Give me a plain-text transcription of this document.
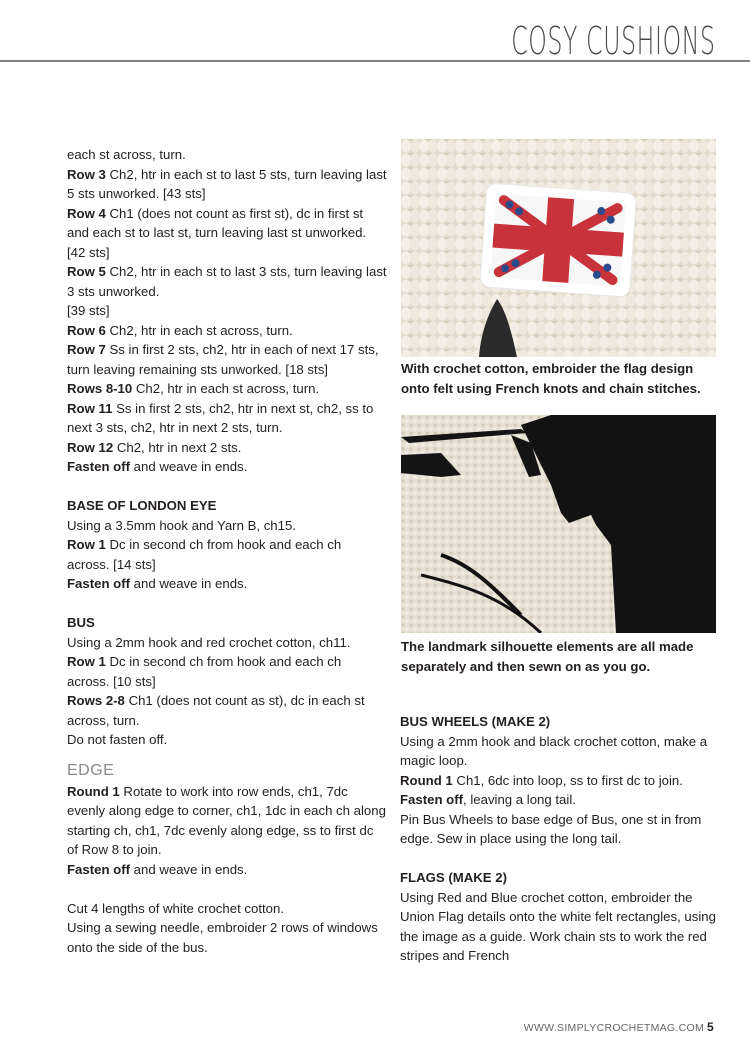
COSY CUSHIONS

each st across, turn.

Row 3 Ch2, htr in each st to last 5 sts, turn leaving last 5 sts unworked. [43 sts]

Row 4 Ch1 (does not count as first st), dc in first st and each st to last st, turn leaving last st unworked. [42 sts]

Row 5 Ch2, htr in each st to last 3 sts, turn leaving last 3 sts unworked.

[39 sts]

Row 6 Ch2, htr in each st across, turn.

Row 7 Ss in first 2 sts, ch2, htr in each of next 17 sts, turn leaving remaining sts unworked. [18 sts]

Rows 8-10 Ch2, htr in each st across, turn.

Row 11 Ss in first 2 sts, ch2, htr in next st, ch2, ss to next 3 sts, ch2, htr in next 2 sts, turn.

Row 12 Ch2, htr in next 2 sts.

Fasten off and weave in ends.

BASE OF LONDON EYE

Using a 3.5mm hook and Yarn B, ch15.

Row 1 Dc in second ch from hook and each ch across. [14 sts]

Fasten off and weave in ends.

BUS

Using a 2mm hook and red crochet cotton, ch11.

Row 1 Dc in second ch from hook and each ch across. [10 sts]

Rows 2-8 Ch1 (does not count as st), dc in each st across, turn.

Do not fasten off.

EDGE

Round 1 Rotate to work into row ends, ch1, 7dc evenly along edge to corner, ch1, 1dc in each ch along starting ch, ch1, 7dc evenly along edge, ss to first dc of Row 8 to join.

Fasten off and weave in ends.

Cut 4 lengths of white crochet cotton.

Using a sewing needle, embroider 2 rows of windows onto the side of the bus.

With crochet cotton, embroider the flag design onto felt using French knots and chain stitches.

The landmark silhouette elements are all made separately and then sewn on as you go.

BUS WHEELS (MAKE 2)

Using a 2mm hook and black crochet cotton, make a magic loop.

Round 1 Ch1, 6dc into loop, ss to first dc to join.

Fasten off, leaving a long tail.

Pin Bus Wheels to base edge of Bus, one st in from edge. Sew in place using the long tail.

FLAGS (MAKE 2)

Using Red and Blue crochet cotton, embroider the Union Flag details onto the white felt rectangles, using the image as a guide. Work chain sts to work the red stripes and French

WWW.SIMPLYCROCHETMAG.COM 5
